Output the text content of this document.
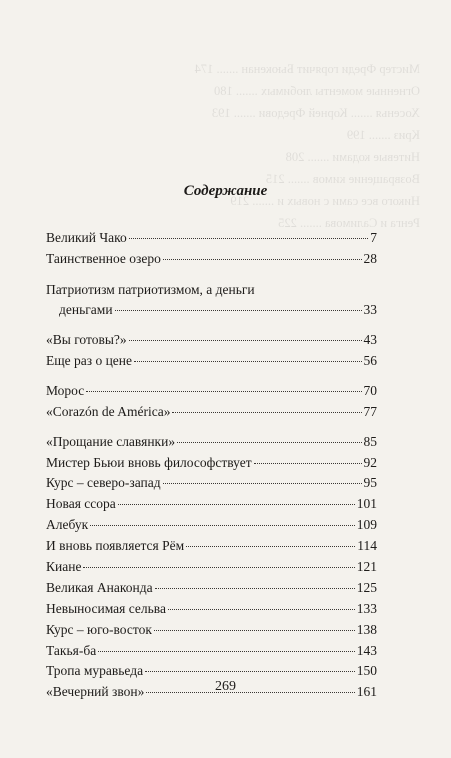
Мистер Фреди горячит Бьюкенан ....... 174
Огненные моменты любимых ....... 180
Хосенья ....... Корней Фредови ....... 193
Криз ....... 199
Нитевые кодами ....... 208
Возвращение кимов ....... 215
Никого все сами с новых и ....... 219
Ренга и Салимова ....... 225
Содержание
Великий Чако	7
Таинственное озеро	28
Патриотизм патриотизмом, а деньги
деньгами	33
«Вы готовы?»	43
Еще раз о цене	56
Морос	70
«Corazón de América»	77
«Прощание славянки»	85
Мистер Бьюи вновь философствует	92
Курс – северо-запад	95
Новая ссора	101
Алебук	109
И вновь появляется Рём	114
Киане	121
Великая Анаконда	125
Невыносимая сельва	133
Курс – юго-восток	138
Такья-ба	143
Тропа муравьеда	150
«Вечерний звон»	161
269
